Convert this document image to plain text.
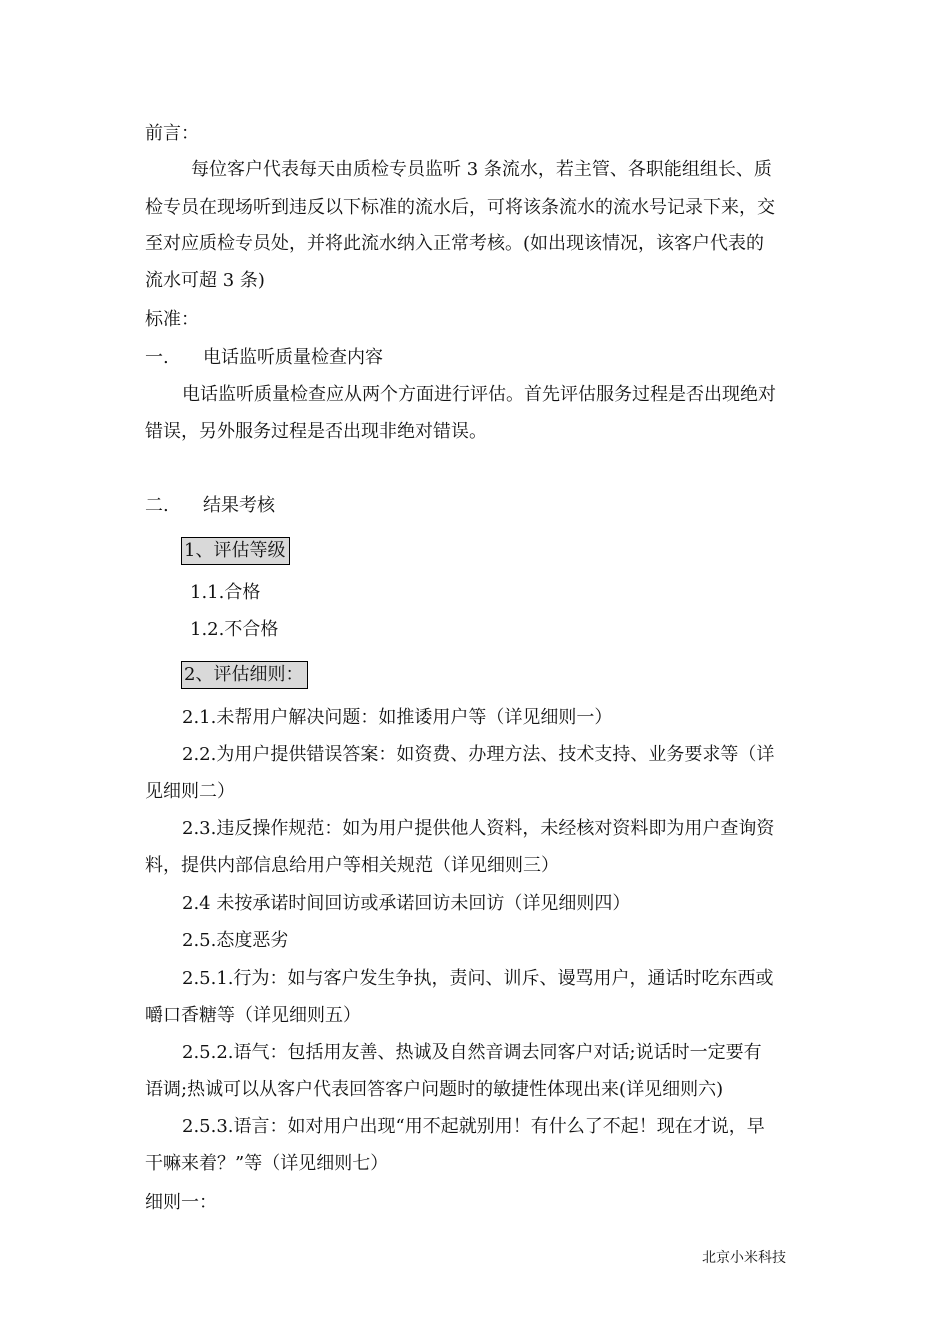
前言：
每位客户代表每天由质检专员监听 3 条流水，若主管、各职能组组长、质
检专员在现场听到违反以下标准的流水后，可将该条流水的流水号记录下来，交
至对应质检专员处，并将此流水纳入正常考核。(如出现该情况，该客户代表的
流水可超 3 条)
标准：
一. 电话监听质量检查内容
电话监听质量检查应从两个方面进行评估。首先评估服务过程是否出现绝对
错误，另外服务过程是否出现非绝对错误。
二. 结果考核
1、评估等级
1.1.合格
1.2.不合格
2、评估细则：
2.1.未帮用户解决问题：如推诿用户等（详见细则一）
2.2.为用户提供错误答案：如资费、办理方法、技术支持、业务要求等（详
见细则二）
2.3.违反操作规范：如为用户提供他人资料，未经核对资料即为用户查询资
料，提供内部信息给用户等相关规范（详见细则三）
2.4 未按承诺时间回访或承诺回访未回访（详见细则四）
2.5.态度恶劣
2.5.1.行为：如与客户发生争执，责问、训斥、谩骂用户，通话时吃东西或
嚼口香糖等（详见细则五）
2.5.2.语气：包括用友善、热诚及自然音调去同客户对话;说话时一定要有
语调;热诚可以从客户代表回答客户问题时的敏捷性体现出来(详见细则六)
2.5.3.语言：如对用户出现“用不起就别用！有什么了不起！现在才说，早
干嘛来着？”等（详见细则七）
细则一：
北京小米科技
